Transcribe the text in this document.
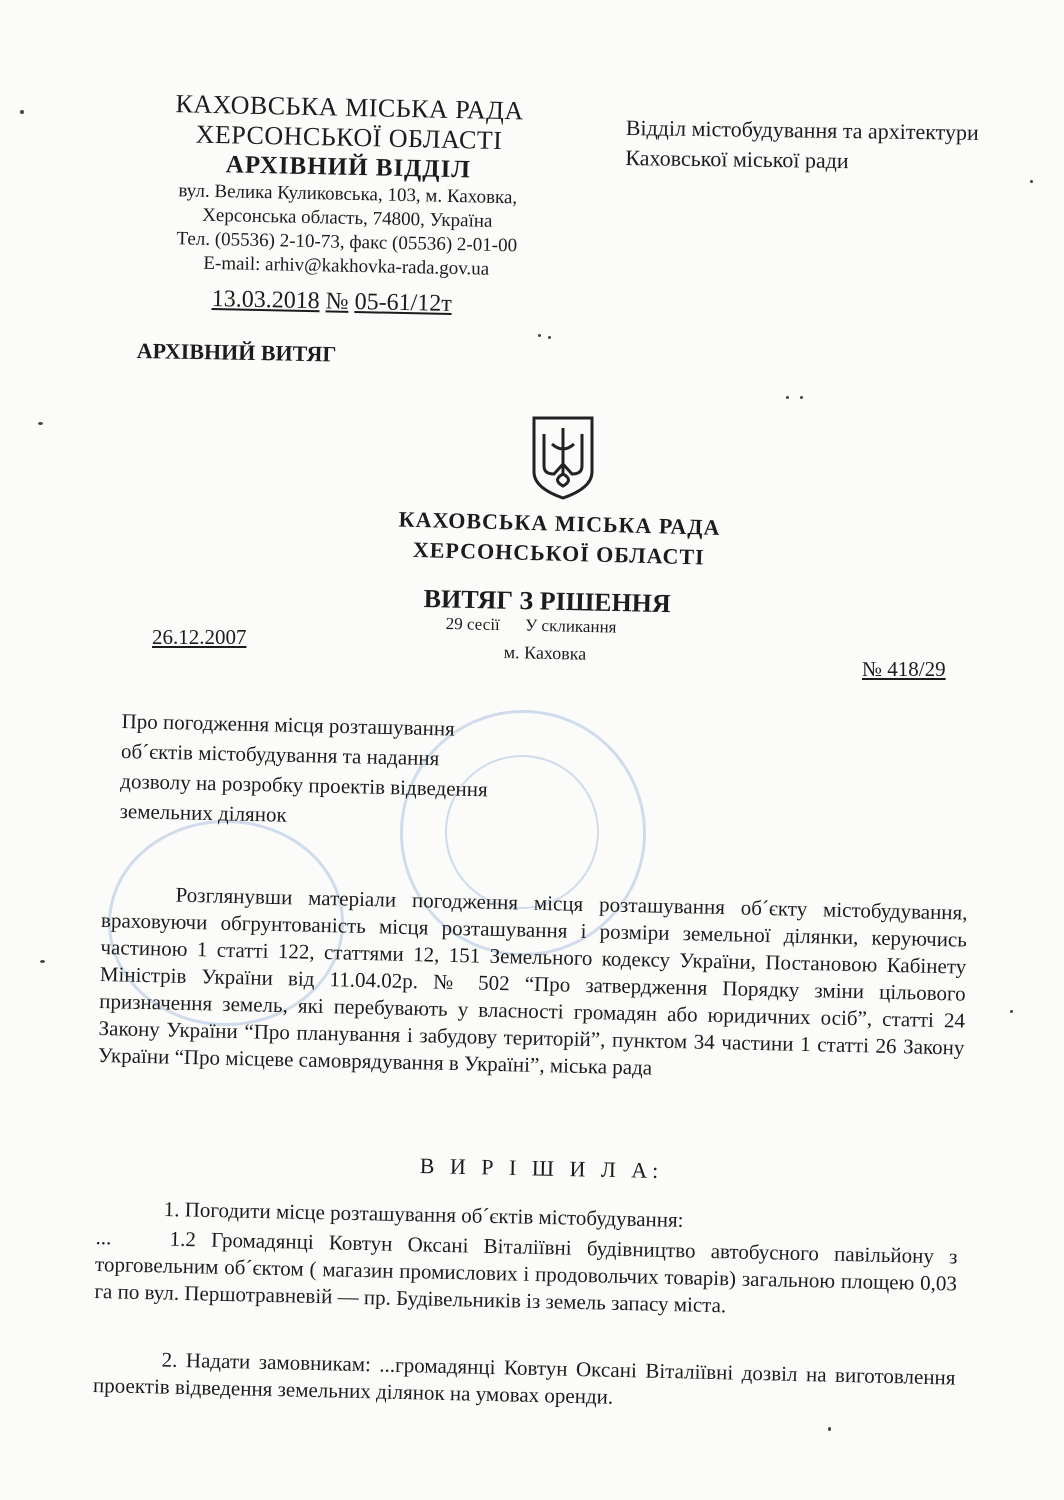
КАХОВСЬКА МІСЬКА РАДА
ХЕРСОНСЬКОЇ ОБЛАСТІ
АРХІВНИЙ ВІДДІЛ
вул. Велика Куликовська, 103, м. Каховка,
Херсонська область, 74800, Україна
Тел. (05536) 2-10-73, факс (05536) 2-01-00
E-mail: arhiv@kakhovka-rada.gov.ua
Відділ містобудування та архітектури
Каховської міської ради
13.03.2018 № 05-61/12т
АРХІВНИЙ ВИТЯГ
КАХОВСЬКА МІСЬКА РАДА
ХЕРСОНСЬКОЇ ОБЛАСТІ
ВИТЯГ З РІШЕННЯ
29 сесії У скликання
м. Каховка
26.12.2007
№ 418/29
Про погодження місця розташування
об´єктів містобудування та надання
дозволу на розробку проектів відведення
земельних ділянок
Розглянувши матеріали погодження місця розташування об´єкту містобудування, враховуючи обгрунтованість місця розташування і розміри земельної ділянки, керуючись частиною 1 статті 122, статтями 12, 151 Земельного кодексу України, Постановою Кабінету Міністрів України від 11.04.02р. № 502 “Про затвердження Порядку зміни цільового призначення земель, які перебувають у власності громадян або юридичних осіб”, статті 24 Закону України “Про планування і забудову територій”, пунктом 34 частини 1 статті 26 Закону України “Про місцеве самоврядування в Україні”, міська рада
В И Р І Ш И Л А:
1. Погодити місце розташування об´єктів містобудування:
...	1.2 Громадянці Ковтун Оксані Віталіївні будівництво автобусного павільйону з торговельним об´єктом ( магазин промислових і продовольчих товарів) загальною площею 0,03 га по вул. Першотравневій — пр. Будівельників із земель запасу міста.
2. Надати замовникам: ...громадянці Ковтун Оксані Віталіївні дозвіл на виготовлення проектів відведення земельних ділянок на умовах оренди.
